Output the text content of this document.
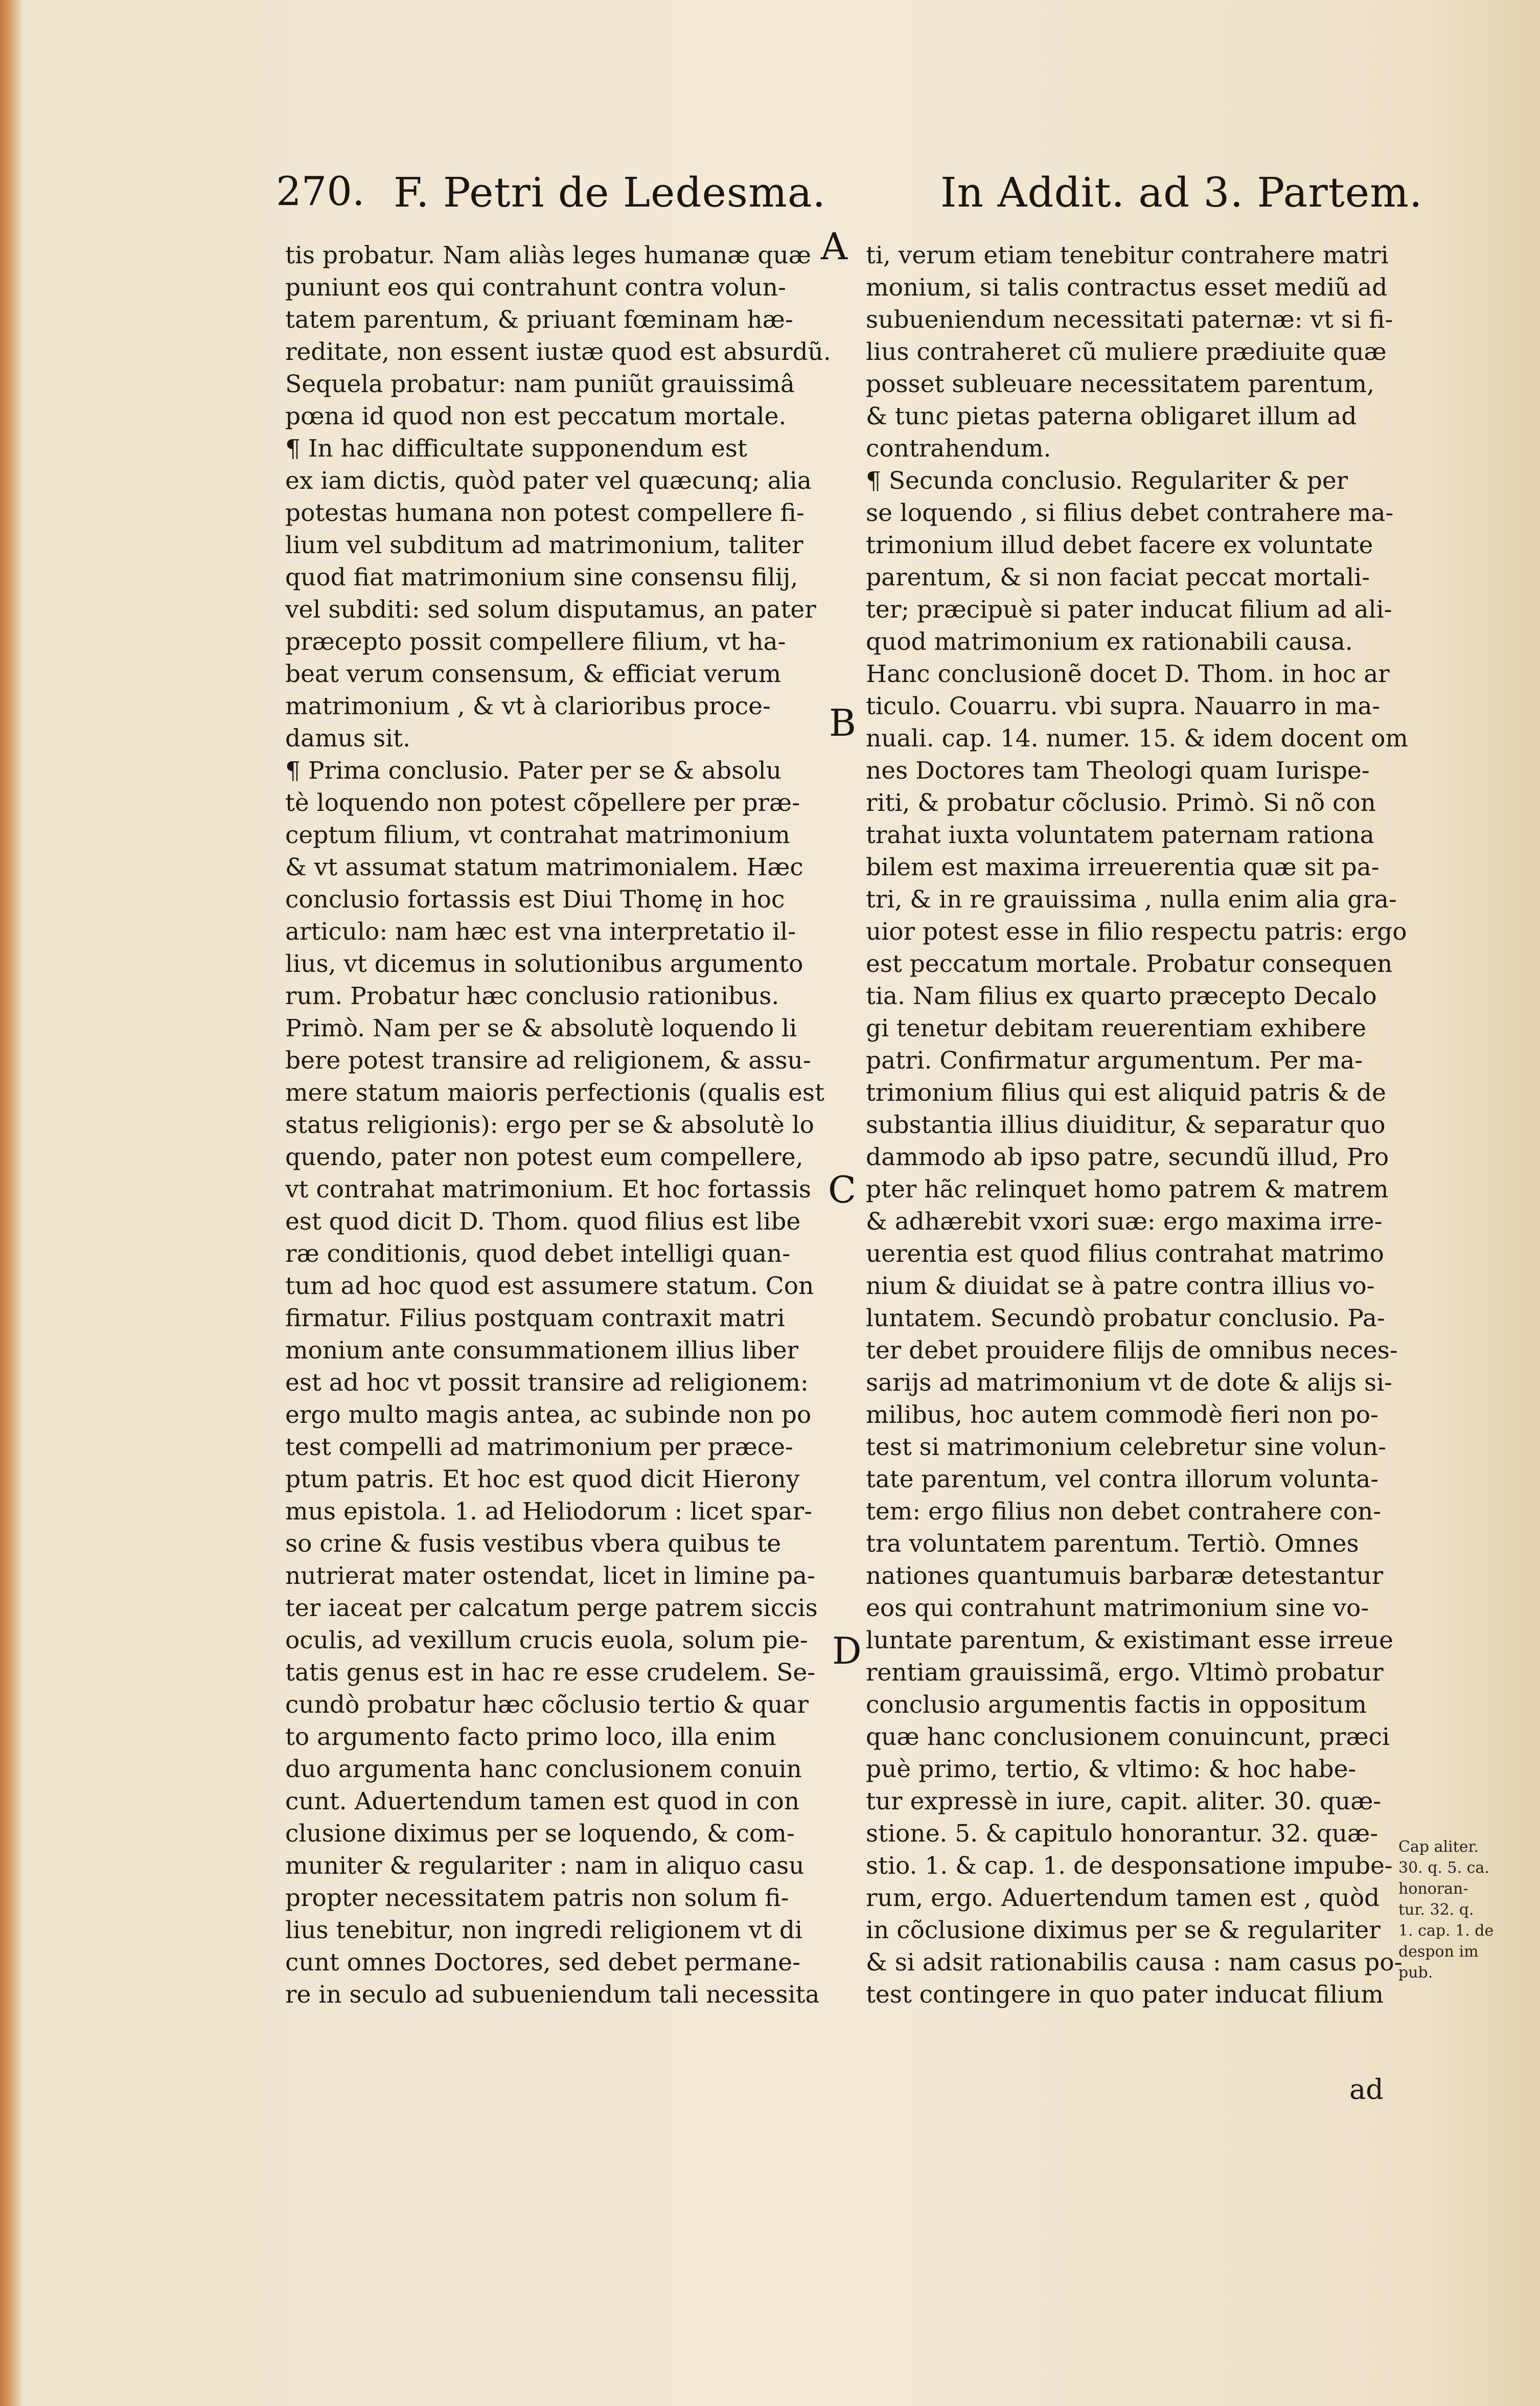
270. F. Petri de Ledesma.	In Addit. ad 3. Partem.
A
B
C
D
tis probatur. Nam aliàs leges humanæ quæ
puniunt eos qui contrahunt contra volun-
tatem parentum, & priuant fœminam hæ-
reditate, non essent iustæ quod est absurdũ.
Sequela probatur: nam puniũt grauissimâ
pœna id quod non est peccatum mortale.
¶ In hac difficultate supponendum est
ex iam dictis, quòd pater vel quæcunq; alia
potestas humana non potest compellere fi-
lium vel subditum ad matrimonium, taliter
quod fiat matrimonium sine consensu filij,
vel subditi: sed solum disputamus, an pater
præcepto possit compellere filium, vt ha-
beat verum consensum, & efficiat verum
matrimonium , & vt à clarioribus proce-
damus sit.
¶ Prima conclusio. Pater per se & absolu
tè loquendo non potest cõpellere per præ-
ceptum filium, vt contrahat matrimonium
& vt assumat statum matrimonialem. Hæc
conclusio fortassis est Diui Thomę in hoc
articulo: nam hæc est vna interpretatio il-
lius, vt dicemus in solutionibus argumento
rum. Probatur hæc conclusio rationibus.
Primò. Nam per se & absolutè loquendo li
bere potest transire ad religionem, & assu-
mere statum maioris perfectionis (qualis est
status religionis): ergo per se & absolutè lo
quendo, pater non potest eum compellere,
vt contrahat matrimonium. Et hoc fortassis
est quod dicit D. Thom. quod filius est libe
ræ conditionis, quod debet intelligi quan-
tum ad hoc quod est assumere statum. Con
firmatur. Filius postquam contraxit matri
monium ante consummationem illius liber
est ad hoc vt possit transire ad religionem:
ergo multo magis antea, ac subinde non po
test compelli ad matrimonium per præce-
ptum patris. Et hoc est quod dicit Hierony
mus epistola. 1. ad Heliodorum : licet spar-
so crine & fusis vestibus vbera quibus te
nutrierat mater ostendat, licet in limine pa-
ter iaceat per calcatum perge patrem siccis
oculis, ad vexillum crucis euola, solum pie-
tatis genus est in hac re esse crudelem. Se-
cundò probatur hæc cõclusio tertio & quar
to argumento facto primo loco, illa enim
duo argumenta hanc conclusionem conuin
cunt. Aduertendum tamen est quod in con
clusione diximus per se loquendo, & com-
muniter & regulariter : nam in aliquo casu
propter necessitatem patris non solum fi-
lius tenebitur, non ingredi religionem vt di
cunt omnes Doctores, sed debet permane-
re in seculo ad subueniendum tali necessita
ti, verum etiam tenebitur contrahere matri
monium, si talis contractus esset mediũ ad
subueniendum necessitati paternæ: vt si fi-
lius contraheret cũ muliere prædiuite quæ
posset subleuare necessitatem parentum,
& tunc pietas paterna obligaret illum ad
contrahendum.
¶ Secunda conclusio. Regulariter & per
se loquendo , si filius debet contrahere ma-
trimonium illud debet facere ex voluntate
parentum, & si non faciat peccat mortali-
ter; præcipuè si pater inducat filium ad ali-
quod matrimonium ex rationabili causa.
Hanc conclusionẽ docet D. Thom. in hoc ar
ticulo. Couarru. vbi supra. Nauarro in ma-
nuali. cap. 14. numer. 15. & idem docent om
nes Doctores tam Theologi quam Iurispe-
riti, & probatur cõclusio. Primò. Si nõ con
trahat iuxta voluntatem paternam rationa
bilem est maxima irreuerentia quæ sit pa-
tri, & in re grauissima , nulla enim alia gra-
uior potest esse in filio respectu patris: ergo
est peccatum mortale. Probatur consequen
tia. Nam filius ex quarto præcepto Decalo
gi tenetur debitam reuerentiam exhibere
patri. Confirmatur argumentum. Per ma-
trimonium filius qui est aliquid patris & de
substantia illius diuiditur, & separatur quo
dammodo ab ipso patre, secundũ illud, Pro
pter hãc relinquet homo patrem & matrem
& adhærebit vxori suæ: ergo maxima irre-
uerentia est quod filius contrahat matrimo
nium & diuidat se à patre contra illius vo-
luntatem. Secundò probatur conclusio. Pa-
ter debet prouidere filijs de omnibus neces-
sarijs ad matrimonium vt de dote & alijs si-
milibus, hoc autem commodè fieri non po-
test si matrimonium celebretur sine volun-
tate parentum, vel contra illorum volunta-
tem: ergo filius non debet contrahere con-
tra voluntatem parentum. Tertiò. Omnes
nationes quantumuis barbaræ detestantur
eos qui contrahunt matrimonium sine vo-
luntate parentum, & existimant esse irreue
rentiam grauissimã, ergo. Vltimò probatur
conclusio argumentis factis in oppositum
quæ hanc conclusionem conuincunt, præci
puè primo, tertio, & vltimo: & hoc habe-
tur expressè in iure, capit. aliter. 30. quæ-
stione. 5. & capitulo honorantur. 32. quæ-
stio. 1. & cap. 1. de desponsatione impube-
rum, ergo. Aduertendum tamen est , quòd
in cõclusione diximus per se & regulariter
& si adsit rationabilis causa : nam casus po-
test contingere in quo pater inducat filium
Cap aliter.
30. q. 5. ca.
honoran-
tur. 32. q.
1. cap. 1. de
despon im
pub.
ad
